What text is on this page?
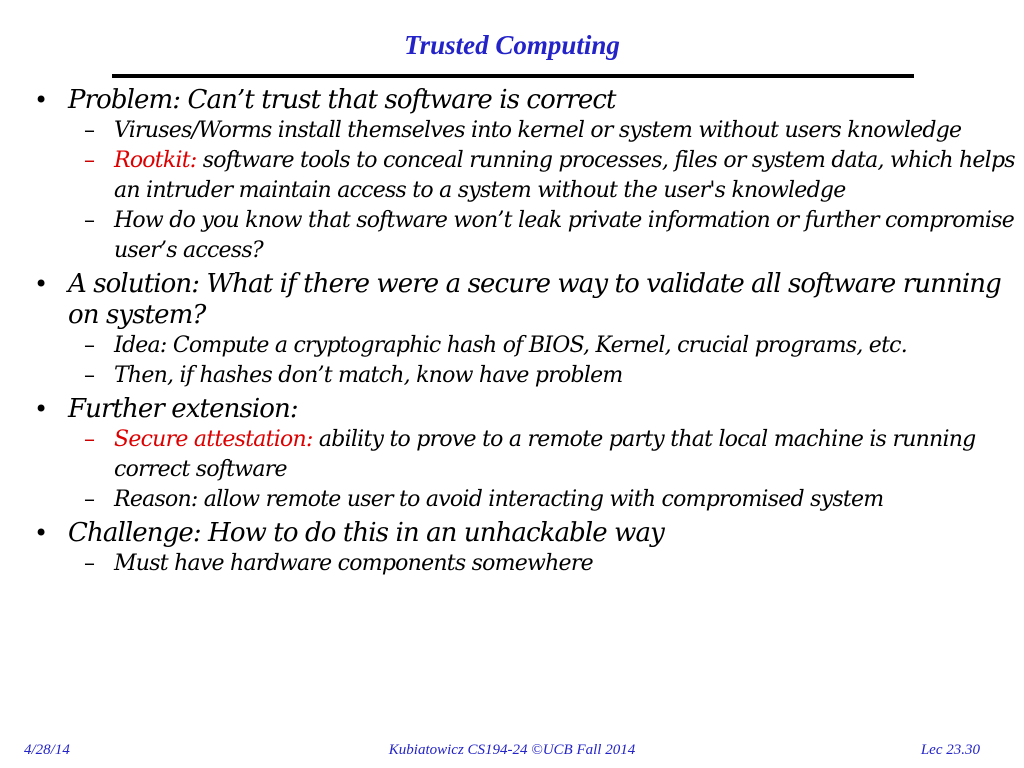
Trusted Computing
• Problem: Can’t trust that software is correct
– Viruses/Worms install themselves into kernel or system without users knowledge
– Rootkit: software tools to conceal running processes, files or system data, which helps an intruder maintain access to a system without the user's knowledge
– How do you know that software won’t leak private information or further compromise user’s access?
• A solution: What if there were a secure way to validate all software running on system?
– Idea: Compute a cryptographic hash of BIOS, Kernel, crucial programs, etc.
– Then, if hashes don’t match, know have problem
• Further extension:
– Secure attestation: ability to prove to a remote party that local machine is running correct software
– Reason: allow remote user to avoid interacting with compromised system
• Challenge: How to do this in an unhackable way
– Must have hardware components somewhere
4/28/14	Kubiatowicz CS194-24 ©UCB Fall 2014	Lec 23.30
